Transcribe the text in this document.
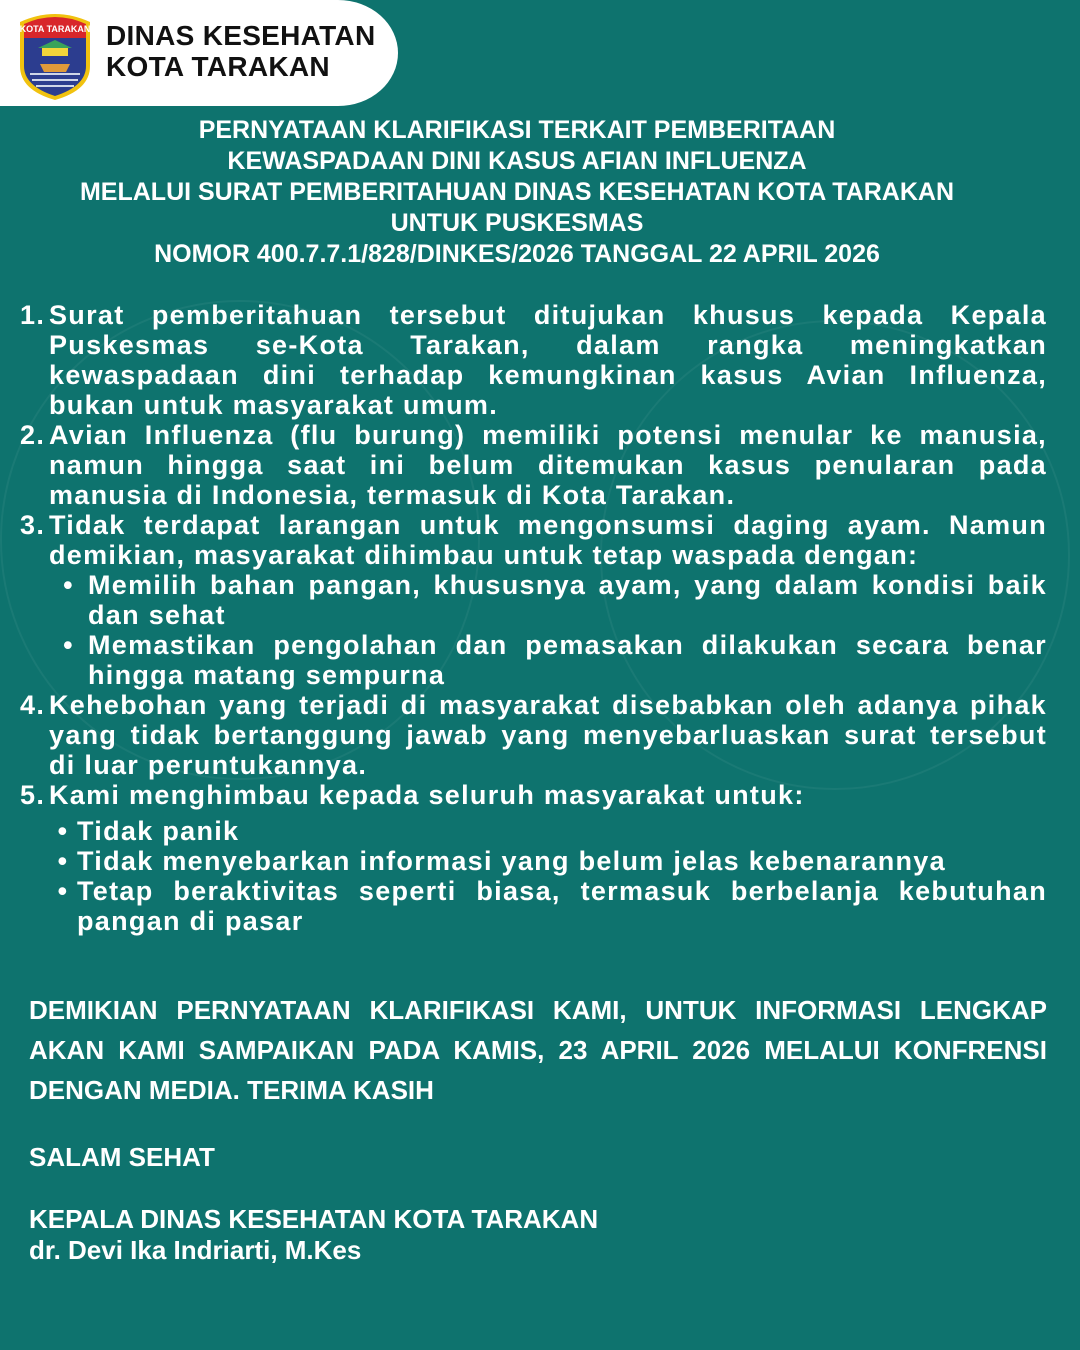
KOTA TARAKAN DINAS KESEHATAN
KOTA TARAKAN
PERNYATAAN KLARIFIKASI TERKAIT PEMBERITAAN
KEWASPADAAN DINI KASUS AFIAN INFLUENZA
MELALUI SURAT PEMBERITAHUAN DINAS KESEHATAN KOTA TARAKAN
UNTUK PUSKESMAS
NOMOR 400.7.7.1/828/DINKES/2026 TANGGAL 22 APRIL 2026
1. Surat pemberitahuan tersebut ditujukan khusus kepada Kepala Puskesmas se-Kota Tarakan, dalam rangka meningkatkan kewaspadaan dini terhadap kemungkinan kasus Avian Influenza, bukan untuk masyarakat umum.
2. Avian Influenza (flu burung) memiliki potensi menular ke manusia, namun hingga saat ini belum ditemukan kasus penularan pada manusia di Indonesia, termasuk di Kota Tarakan.
3. Tidak terdapat larangan untuk mengonsumsi daging ayam. Namun demikian, masyarakat dihimbau untuk tetap waspada dengan:
• Memilih bahan pangan, khususnya ayam, yang dalam kondisi baik dan sehat
• Memastikan pengolahan dan pemasakan dilakukan secara benar hingga matang sempurna
4. Kehebohan yang terjadi di masyarakat disebabkan oleh adanya pihak yang tidak bertanggung jawab yang menyebarluaskan surat tersebut di luar peruntukannya.
5. Kami menghimbau kepada seluruh masyarakat untuk:
• Tidak panik
• Tidak menyebarkan informasi yang belum jelas kebenarannya
• Tetap beraktivitas seperti biasa, termasuk berbelanja kebutuhan pangan di pasar
DEMIKIAN PERNYATAAN KLARIFIKASI KAMI, UNTUK INFORMASI LENGKAP AKAN KAMI SAMPAIKAN PADA KAMIS, 23 APRIL 2026 MELALUI KONFRENSI DENGAN MEDIA. TERIMA KASIH
SALAM SEHAT
KEPALA DINAS KESEHATAN KOTA TARAKAN
dr. Devi Ika Indriarti, M.Kes
